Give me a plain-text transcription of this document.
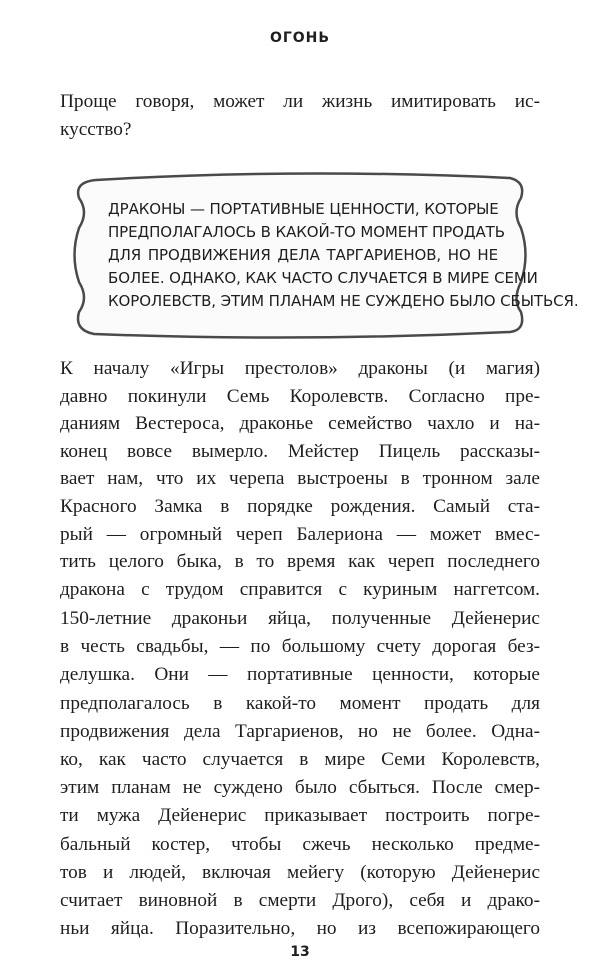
ОГОНЬ
Проще говоря, может ли жизнь имитировать ис-
кусство?
ДРАКОНЫ — ПОРТАТИВНЫЕ ЦЕННОСТИ, КОТОРЫЕ
ПРЕДПОЛАГАЛОСЬ В КАКОЙ-ТО МОМЕНТ ПРОДАТЬ
ДЛЯ ПРОДВИЖЕНИЯ ДЕЛА ТАРГАРИЕНОВ, НО НЕ
БОЛЕЕ. ОДНАКО, КАК ЧАСТО СЛУЧАЕТСЯ В МИРЕ СЕМИ
КОРОЛЕВСТВ, ЭТИМ ПЛАНАМ НЕ СУЖДЕНО БЫЛО СБЫТЬСЯ.
К началу «Игры престолов» драконы (и магия)
давно покинули Семь Королевств. Согласно пре-
даниям Вестероса, драконье семейство чахло и на-
конец вовсе вымерло. Мейстер Пицель рассказы-
вает нам, что их черепа выстроены в тронном зале
Красного Замка в порядке рождения. Самый ста-
рый — огромный череп Балериона — может вмес-
тить целого быка, в то время как череп последнего
дракона с трудом справится с куриным наггетсом.
150-летние драконьи яйца, полученные Дейенерис
в честь свадьбы, — по большому счету дорогая без-
делушка. Они — портативные ценности, которые
предполагалось в какой-то момент продать для
продвижения дела Таргариенов, но не более. Одна-
ко, как часто случается в мире Семи Королевств,
этим планам не суждено было сбыться. После смер-
ти мужа Дейенерис приказывает построить погре-
бальный костер, чтобы сжечь несколько предме-
тов и людей, включая мейегу (которую Дейенерис
считает виновной в смерти Дрого), себя и драко-
ньи яйца. Поразительно, но из всепожирающего
13
